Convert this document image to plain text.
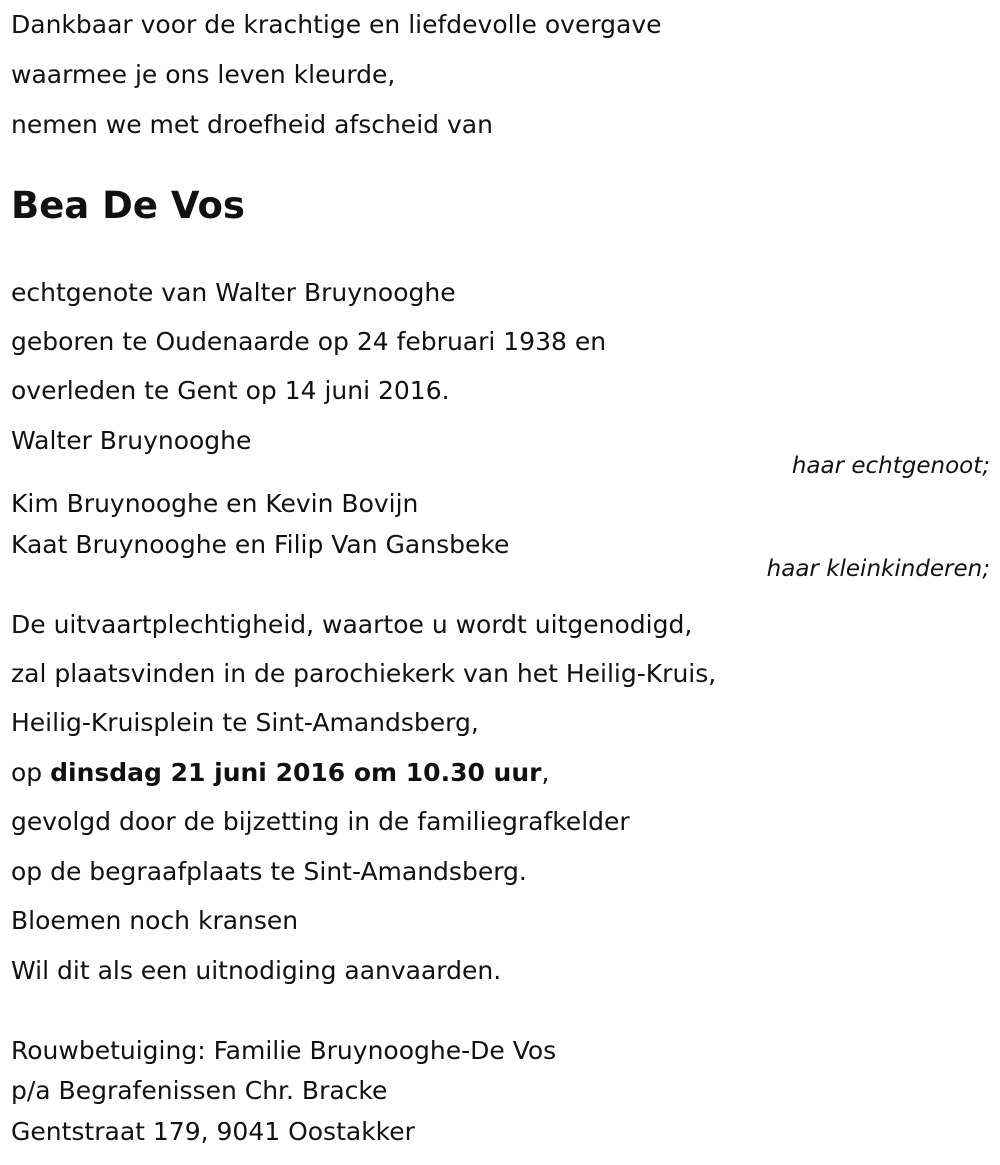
Dankbaar voor de krachtige en liefdevolle overgave
waarmee je ons leven kleurde,
nemen we met droefheid afscheid van
Bea De Vos
echtgenote van Walter Bruynooghe
geboren te Oudenaarde op 24 februari 1938 en
overleden te Gent op 14 juni 2016.
Walter Bruynooghe
haar echtgenoot;
Kim Bruynooghe en Kevin Bovijn
Kaat Bruynooghe en Filip Van Gansbeke
haar kleinkinderen;
De uitvaartplechtigheid, waartoe u wordt uitgenodigd,
zal plaatsvinden in de parochiekerk van het Heilig-Kruis,
Heilig-Kruisplein te Sint-Amandsberg,
op dinsdag 21 juni 2016 om 10.30 uur,
gevolgd door de bijzetting in de familiegrafkelder
op de begraafplaats te Sint-Amandsberg.
Bloemen noch kransen
Wil dit als een uitnodiging aanvaarden.
Rouwbetuiging: Familie Bruynooghe-De Vos
p/a Begrafenissen Chr. Bracke
Gentstraat 179, 9041 Oostakker
